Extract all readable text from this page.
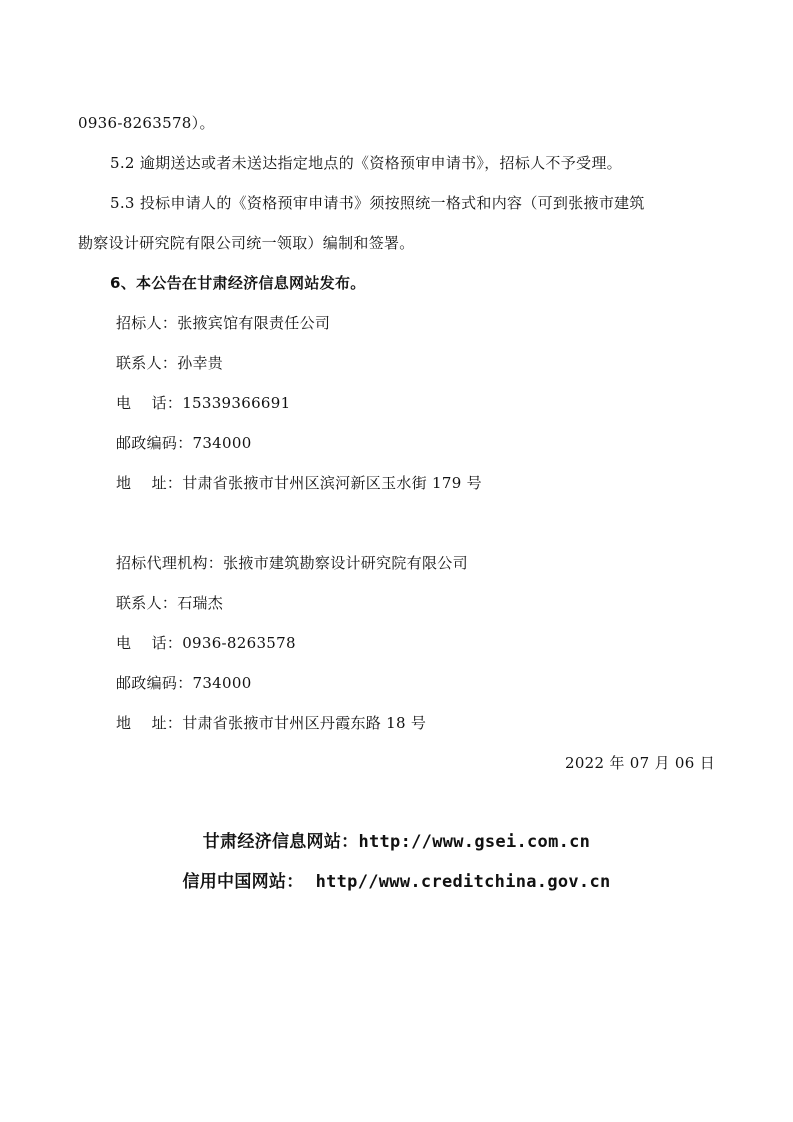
0936-8263578）。
5.2 逾期送达或者未送达指定地点的《资格预审申请书》，招标人不予受理。
5.3 投标申请人的《资格预审申请书》须按照统一格式和内容（可到张掖市建筑
勘察设计研究院有限公司统一领取）编制和签署。
6、本公告在甘肃经济信息网站发布。
招标人：张掖宾馆有限责任公司
联系人：孙幸贵
电    话：15339366691
邮政编码：734000
地    址：甘肃省张掖市甘州区滨河新区玉水街 179 号
招标代理机构：张掖市建筑勘察设计研究院有限公司
联系人：石瑞杰
电    话：0936-8263578
邮政编码：734000
地    址：甘肃省张掖市甘州区丹霞东路 18 号
2022 年 07 月 06 日
甘肃经济信息网站：http://www.gsei.com.cn
信用中国网站： http//www.creditchina.gov.cn
